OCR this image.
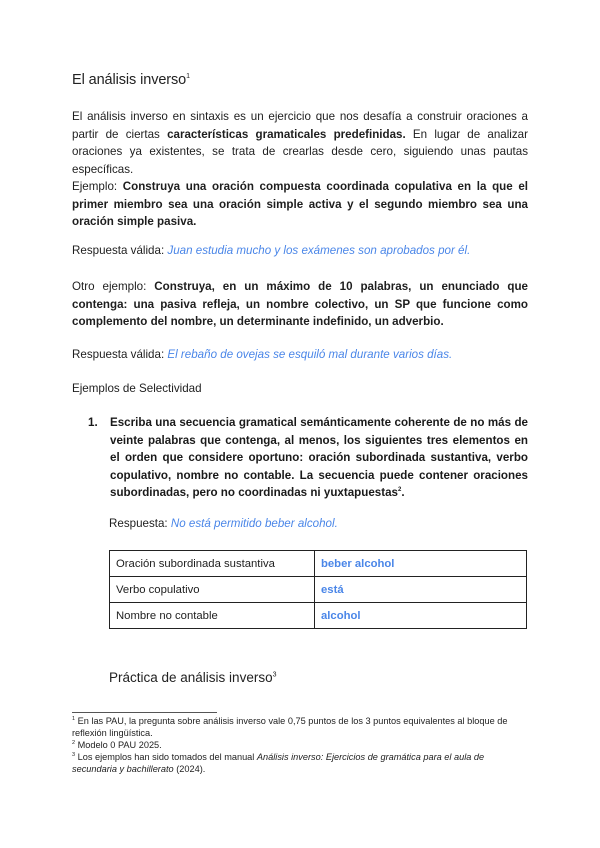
El análisis inverso$^1$
El análisis inverso en sintaxis es un ejercicio que nos desafía a construir oraciones a partir de ciertas características gramaticales predefinidas. En lugar de analizar oraciones ya existentes, se trata de crearlas desde cero, siguiendo unas pautas específicas.
Ejemplo: Construya una oración compuesta coordinada copulativa en la que el primer miembro sea una oración simple activa y el segundo miembro sea una oración simple pasiva.
Respuesta válida: Juan estudia mucho y los exámenes son aprobados por él.
Otro ejemplo: Construya, en un máximo de 10 palabras, un enunciado que contenga: una pasiva refleja, un nombre colectivo, un SP que funcione como complemento del nombre, un determinante indefinido, un adverbio.
Respuesta válida: El rebaño de ovejas se esquiló mal durante varios días.
Ejemplos de Selectividad
1. Escriba una secuencia gramatical semánticamente coherente de no más de veinte palabras que contenga, al menos, los siguientes tres elementos en el orden que considere oportuno: oración subordinada sustantiva, verbo copulativo, nombre no contable. La secuencia puede contener oraciones subordinadas, pero no coordinadas ni yuxtapuestas$^2$.
Respuesta: No está permitido beber alcohol.
Oración subordinada sustantiva	beber alcohol
Verbo copulativo	está
Nombre no contable	alcohol
Práctica de análisis inverso$^3$
$^1$ En las PAU, la pregunta sobre análisis inverso vale 0,75 puntos de los 3 puntos equivalentes al bloque de reflexión lingüística.
$^2$ Modelo 0 PAU 2025.
$^3$ Los ejemplos han sido tomados del manual Análisis inverso: Ejercicios de gramática para el aula de secundaria y bachillerato (2024).
